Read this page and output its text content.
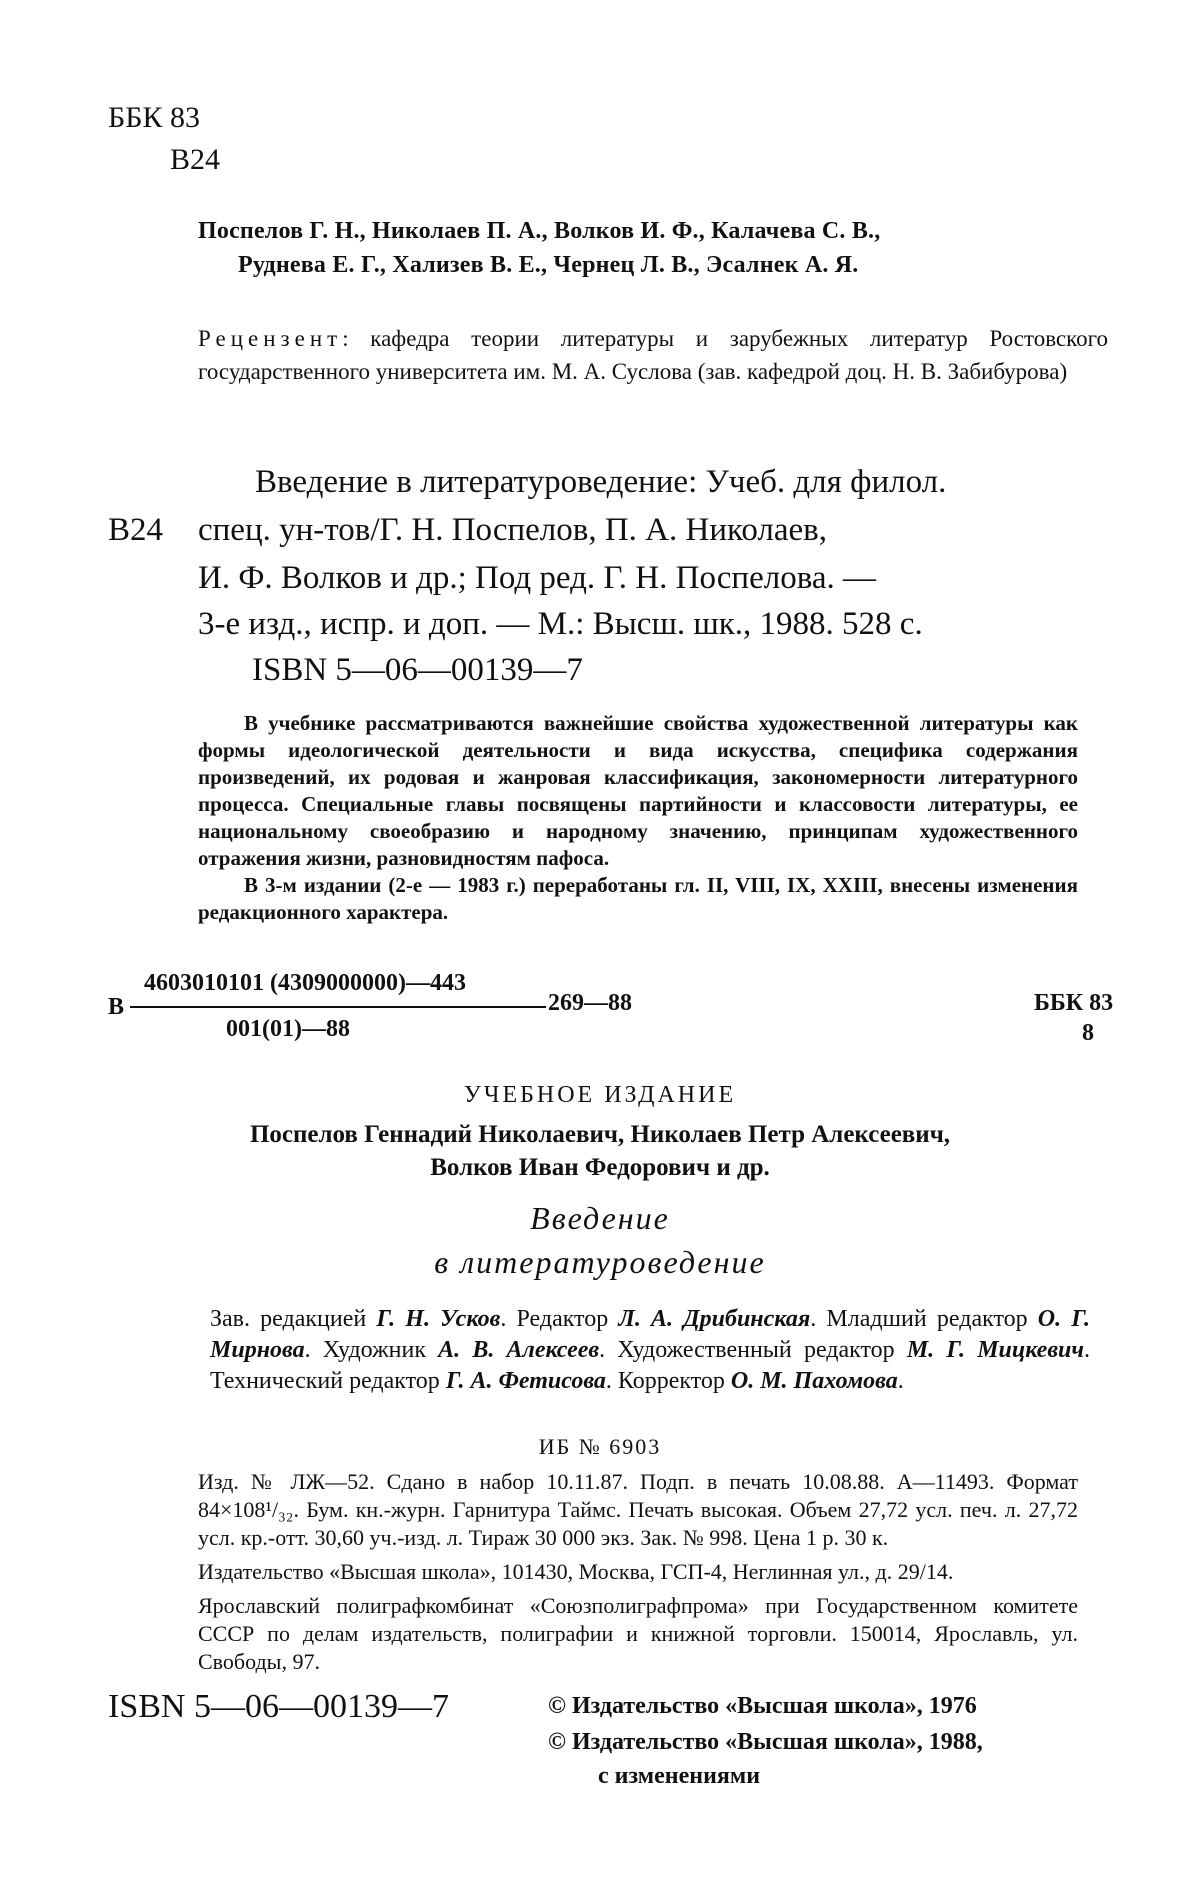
ББК 83
В24
Поспелов Г. Н., Николаев П. А., Волков И. Ф., Калачева С. В.,
Руднева Е. Г., Хализев В. Е., Чернец Л. В., Эсалнек А. Я.
Рецензент: кафедра теории литературы и зарубежных литератур Ростовского государственного университета им. М. А. Суслова (зав. кафедрой доц. Н. В. Забибурова)
В24
Введение в литературоведение: Учеб. для филол.
спец. ун-тов/Г. Н. Поспелов, П. А. Николаев,
И. Ф. Волков и др.; Под ред. Г. Н. Поспелова. —
3-е изд., испр. и доп. — М.: Высш. шк., 1988. 528 с.
ISBN 5—06—00139—7

В учебнике рассматриваются важнейшие свойства художественной литературы как формы идеологической деятельности и вида искусства, специфика содержания произведений, их родовая и жанровая классификация, закономерности литературного процесса. Специальные главы посвящены партийности и классовости литературы, ее национальному своеобразию и народному значению, принципам художественного отражения жизни, разновидностям пафоса.

В 3-м издании (2-е — 1983 г.) переработаны гл. II, VIII, IX, XXIII, внесены изменения редакционного характера.

В
4603010101 (4309000000)—443
269—88
001(01)—88
ББК 83
8
УЧЕБНОЕ ИЗДАНИЕ
Поспелов Геннадий Николаевич, Николаев Петр Алексеевич,
Волков Иван Федорович и др.
Введение
в литературоведение
Зав. редакцией Г. Н. Усков. Редактор Л. А. Дрибинская. Младший редактор О. Г. Мирнова. Художник А. В. Алексеев. Художественный редактор М. Г. Мицкевич. Технический редактор Г. А. Фетисова. Корректор О. М. Пахомова.
ИБ № 6903
Изд. № ЛЖ—52. Сдано в набор 10.11.87. Подп. в печать 10.08.88. А—11493. Формат 84×108¹/₃₂. Бум. кн.-журн. Гарнитура Таймс. Печать высокая. Объем 27,72 усл. печ. л. 27,72 усл. кр.-отт. 30,60 уч.-изд. л. Тираж 30 000 экз. Зак. № 998. Цена 1 р. 30 к.
Издательство «Высшая школа», 101430, Москва, ГСП-4, Неглинная ул., д. 29/14.
Ярославский полиграфкомбинат «Союзполиграфпрома» при Государственном комитете СССР по делам издательств, полиграфии и книжной торговли. 150014, Ярославль, ул. Свободы, 97.
ISBN 5—06—00139—7	© Издательство «Высшая школа», 1976
© Издательство «Высшая школа», 1988,
с изменениями
